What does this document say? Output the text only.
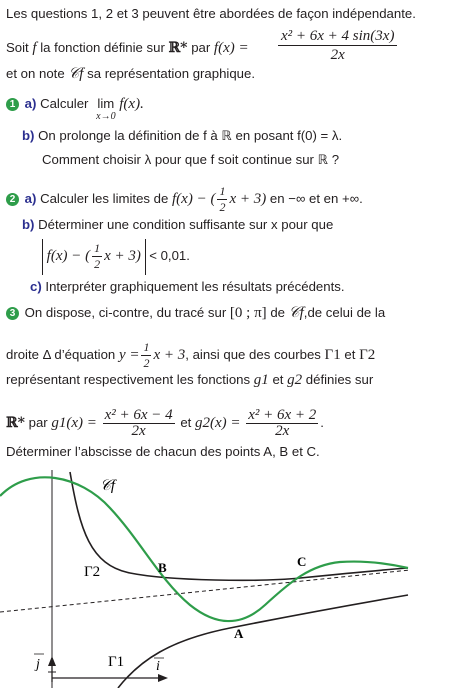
Les questions 1, 2 et 3 peuvent être abordées de façon indépendante.
Soit f la fonction définie sur ℝ* par $f(x) = \frac{\text{x² + 6x + 4 sin(3x)}}{2x}$
et on note 𝒞f sa représentation graphique.
1 a) Calculer lim
x→0
f(x).
b) On prolonge la définition de f à ℝ en posant f(0) = λ.
Comment choisir λ pour que f soit continue sur ℝ ?
2 a) Calculer les limites de f(x) − ( $\frac{1}{2}$ x + 3) en −∞ et en +∞.
b) Déterminer une condition suffisante sur x pour que
f(x) − ( $\frac{1}{2}$ x + 3) < 0,01.
c) Interpréter graphiquement les résultats précédents.
3 On dispose, ci-contre, du tracé sur [0 ; π] de 𝒞f,de celui de la
droite Δ d’équation $y = \frac{1}{2}$ x + 3, ainsi que des courbes Γ1 et Γ2
représentant respectivement les fonctions g1 et g2 définies sur
ℝ* par $g1(x) = \frac{\text{x² + 6x − 4}}{2x}$ et $g2(x) = \frac{\text{x² + 6x + 2}}{2x}$ .
Déterminer l’abscisse de chacun des points A, B et C.
𝒞f
Γ2
Γ1
B
A
C
j	i
